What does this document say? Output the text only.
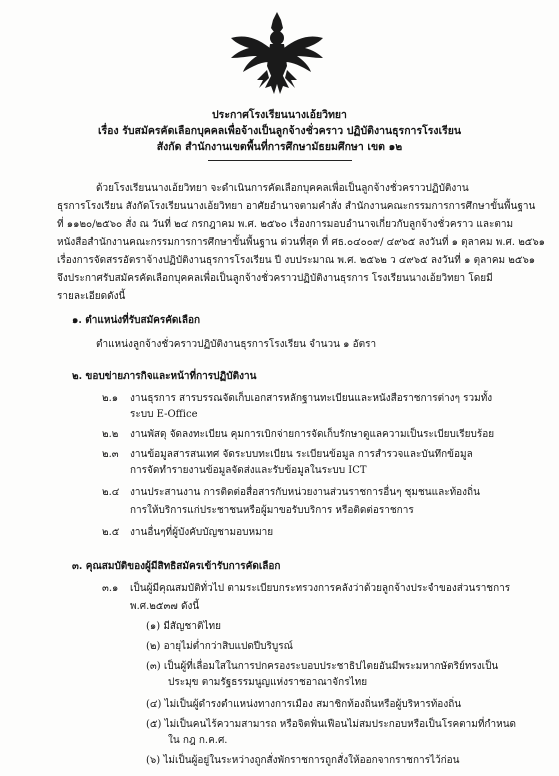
ประกาศโรงเรียนนางเอ้ยวิทยา
เรื่อง รับสมัครคัดเลือกบุคคลเพื่อจ้างเป็นลูกจ้างชั่วคราว ปฏิบัติงานธุรการโรงเรียน
สังกัด สำนักงานเขตพื้นที่การศึกษามัธยมศึกษา เขต ๑๒
ด้วยโรงเรียนนางเอ้ยวิทยา จะดำเนินการคัดเลือกบุคคลเพื่อเป็นลูกจ้างชั่วคราวปฏิบัติงาน
ธุรการโรงเรียน สังกัดโรงเรียนนางเอ้ยวิทยา อาศัยอำนาจตามคำสั่ง สำนักงานคณะกรรมการการศึกษาขั้นพื้นฐาน
ที่ ๑๑๒๐/๒๕๖๐ สั่ง ณ วันที่ ๒๔ กรกฎาคม พ.ศ. ๒๕๖๐ เรื่องการมอบอำนาจเกี่ยวกับลูกจ้างชั่วคราว และตาม
หนังสือสำนักงานคณะกรรมการการศึกษาขั้นพื้นฐาน ด่วนที่สุด ที่ ศธ.๐๔๐๐๙/ ๔๙๖๕ ลงวันที่ ๑ ตุลาคม พ.ศ. ๒๕๖๑
เรื่องการจัดสรรอัตราจ้างปฏิบัติงานธุรการโรงเรียน ปี งบประมาณ พ.ศ. ๒๕๖๒ ว ๔๙๖๕ ลงวันที่ ๑ ตุลาคม ๒๕๖๑
จึงประกาศรับสมัครคัดเลือกบุคคลเพื่อเป็นลูกจ้างชั่วคราวปฏิบัติงานธุรการ โรงเรียนนางเอ้ยวิทยา โดยมี
รายละเอียดดังนี้
๑. ตำแหน่งที่รับสมัครคัดเลือก
ตำแหน่งลูกจ้างชั่วคราวปฏิบัติงานธุรการโรงเรียน จำนวน ๑ อัตรา
๒. ขอบข่ายภารกิจและหน้าที่การปฏิบัติงาน
๒.๑ งานธุรการ สารบรรณจัดเก็บเอกสารหลักฐานทะเบียนและหนังสือราชการต่างๆ รวมทั้ง
ระบบ E-Office
๒.๒ งานพัสดุ จัดลงทะเบียน คุมการเบิกจ่ายการจัดเก็บรักษาดูแลความเป็นระเบียบเรียบร้อย
๒.๓ งานข้อมูลสารสนเทศ จัดระบบทะเบียน ระเบียนข้อมูล การสำรวจและบันทึกข้อมูล
การจัดทำรายงานข้อมูลจัดส่งและรับข้อมูลในระบบ ICT
๒.๔ งานประสานงาน การติดต่อสื่อสารกับหน่วยงานส่วนราชการอื่นๆ ชุมชนและท้องถิ่น
การให้บริการแก่ประชาชนหรือผู้มาขอรับบริการ หรือติดต่อราชการ
๒.๕ งานอื่นๆที่ผู้บังคับบัญชามอบหมาย
๓. คุณสมบัติของผู้มีสิทธิสมัครเข้ารับการคัดเลือก
๓.๑ เป็นผู้มีคุณสมบัติทั่วไป ตามระเบียบกระทรวงการคลังว่าด้วยลูกจ้างประจำของส่วนราชการ
พ.ศ.๒๕๓๗ ดังนี้
(๑) มีสัญชาติไทย
(๒) อายุไม่ต่ำกว่าสิบแปดปีบริบูรณ์
(๓) เป็นผู้ที่เลื่อมใสในการปกครองระบอบประชาธิปไตยอันมีพระมหากษัตริย์ทรงเป็น
ประมุข ตามรัฐธรรมนูญแห่งราชอาณาจักรไทย
(๔) ไม่เป็นผู้ดำรงตำแหน่งทางการเมือง สมาชิกท้องถิ่นหรือผู้บริหารท้องถิ่น
(๕) ไม่เป็นคนไร้ความสามารถ หรือจิตฟั่นเฟือนไม่สมประกอบหรือเป็นโรคตามที่กำหนด
ใน กฎ ก.ค.ศ.
(๖) ไม่เป็นผู้อยู่ในระหว่างถูกสั่งพักราชการถูกสั่งให้ออกจากราชการไว้ก่อน
